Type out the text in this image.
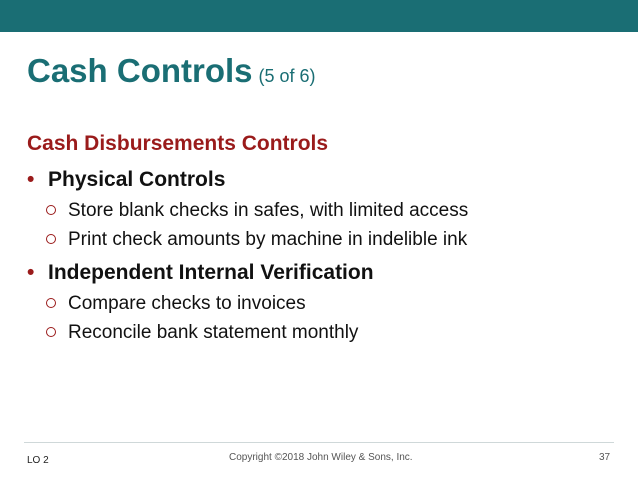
Cash Controls (5 of 6)
Cash Disbursements Controls
• Physical Controls
Store blank checks in safes, with limited access
Print check amounts by machine in indelible ink
• Independent Internal Verification
Compare checks to invoices
Reconcile bank statement monthly
LO 2	Copyright ©2018 John Wiley & Sons, Inc.	37
